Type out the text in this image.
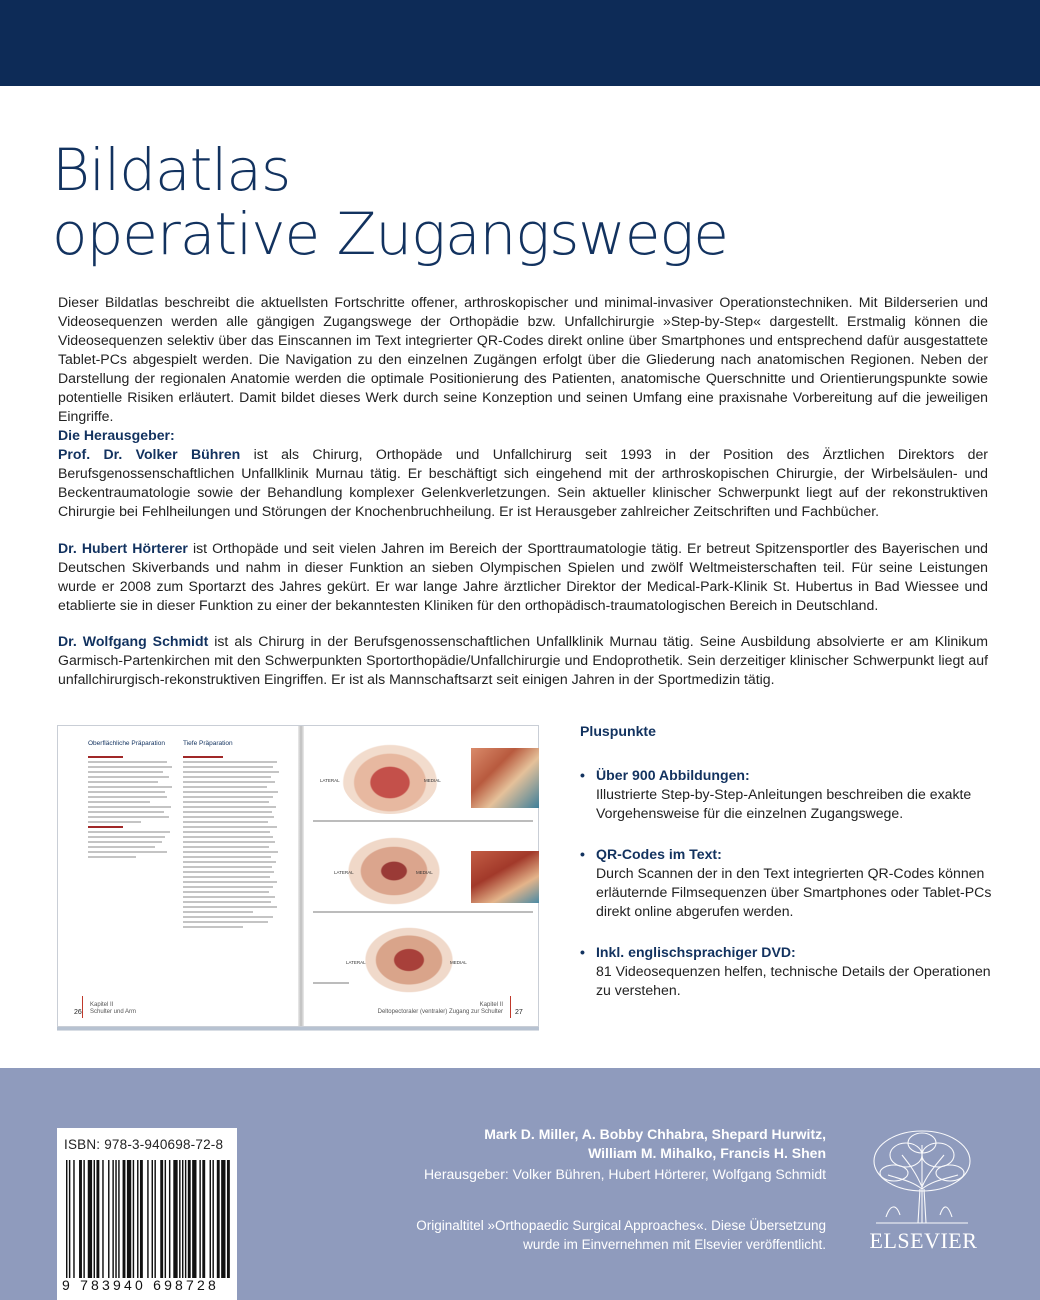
Bildatlas
operative Zugangswege

Dieser Bildatlas beschreibt die aktuellsten Fortschritte offener, arthroskopischer und minimal-invasiver Operationstechniken. Mit Bilderserien und Videosequenzen werden alle gängigen Zugangswege der Orthopädie bzw. Unfallchirurgie »Step-by-Step« dargestellt. Erstmalig können die Videosequenzen selektiv über das Einscannen im Text integrierter QR-Codes direkt online über Smartphones und entsprechend dafür ausgestattete Tablet-PCs abgespielt werden. Die Navigation zu den einzelnen Zugängen erfolgt über die Gliederung nach anatomischen Regionen. Neben der Darstellung der regionalen Anatomie werden die optimale Positionierung des Patienten, anatomische Querschnitte und Orientierungspunkte sowie potentielle Risiken erläutert. Damit bildet dieses Werk durch seine Konzeption und seinen Umfang eine praxisnahe Vorbereitung auf die jeweiligen Eingriffe.

Die Herausgeber:

Prof. Dr. Volker Bühren ist als Chirurg, Orthopäde und Unfallchirurg seit 1993 in der Position des Ärztlichen Direktors der Berufsgenossenschaftlichen Unfallklinik Murnau tätig. Er beschäftigt sich eingehend mit der arthroskopischen Chirurgie, der Wirbelsäulen- und Beckentraumatologie sowie der Behandlung komplexer Gelenkverletzungen. Sein aktueller klinischer Schwerpunkt liegt auf der rekonstruktiven Chirurgie bei Fehlheilungen und Störungen der Knochenbruchheilung. Er ist Herausgeber zahlreicher Zeitschriften und Fachbücher.

Dr. Hubert Hörterer ist Orthopäde und seit vielen Jahren im Bereich der Sporttraumatologie tätig. Er betreut Spitzensportler des Bayerischen und Deutschen Skiverbands und nahm in dieser Funktion an sieben Olympischen Spielen und zwölf Weltmeisterschaften teil. Für seine Leistungen wurde er 2008 zum Sportarzt des Jahres gekürt. Er war lange Jahre ärztlicher Direktor der Medical-Park-Klinik St. Hubertus in Bad Wiessee und etablierte sie in dieser Funktion zu einer der bekanntesten Kliniken für den orthopädisch-traumatologischen Bereich in Deutschland.

Dr. Wolfgang Schmidt ist als Chirurg in der Berufsgenossenschaftlichen Unfallklinik Murnau tätig. Seine Ausbildung absolvierte er am Klinikum Garmisch-Partenkirchen mit den Schwerpunkten Sportorthopädie/Unfallchirurgie und Endoprothetik. Sein derzeitiger klinischer Schwerpunkt liegt auf unfallchirurgisch-rekonstruktiven Eingriffen. Er ist als Mannschaftsarzt seit einigen Jahren in der Sportmedizin tätig.

Oberflächliche Präparation	Tiefe Präparation
26
Kapitel II
Schulter und Arm
LATERAL	MEDIAL
LATERAL	MEDIAL
LATERAL	MEDIAL
Kapitel II
Deltopectoraler (ventraler) Zugang zur Schulter 27
Pluspunkte
• Über 900 Abbildungen:
Illustrierte Step-by-Step-Anleitungen beschreiben die exakte Vorgehensweise für die einzelnen Zugangswege.
• QR-Codes im Text:
Durch Scannen der in den Text integrierten QR-Codes können erläuternde Filmsequenzen über Smartphones oder Tablet-PCs direkt online abgerufen werden.
• Inkl. englischsprachiger DVD:
81 Videosequenzen helfen, technische Details der Operationen zu verstehen.
ISBN: 978-3-940698-72-8
9 783940 698728
Mark D. Miller, A. Bobby Chhabra, Shepard Hurwitz,
William M. Mihalko, Francis H. Shen
Herausgeber: Volker Bühren, Hubert Hörterer, Wolfgang Schmidt
Originaltitel »Orthopaedic Surgical Approaches«. Diese Übersetzung
wurde im Einvernehmen mit Elsevier veröffentlicht. ELSEVIER
